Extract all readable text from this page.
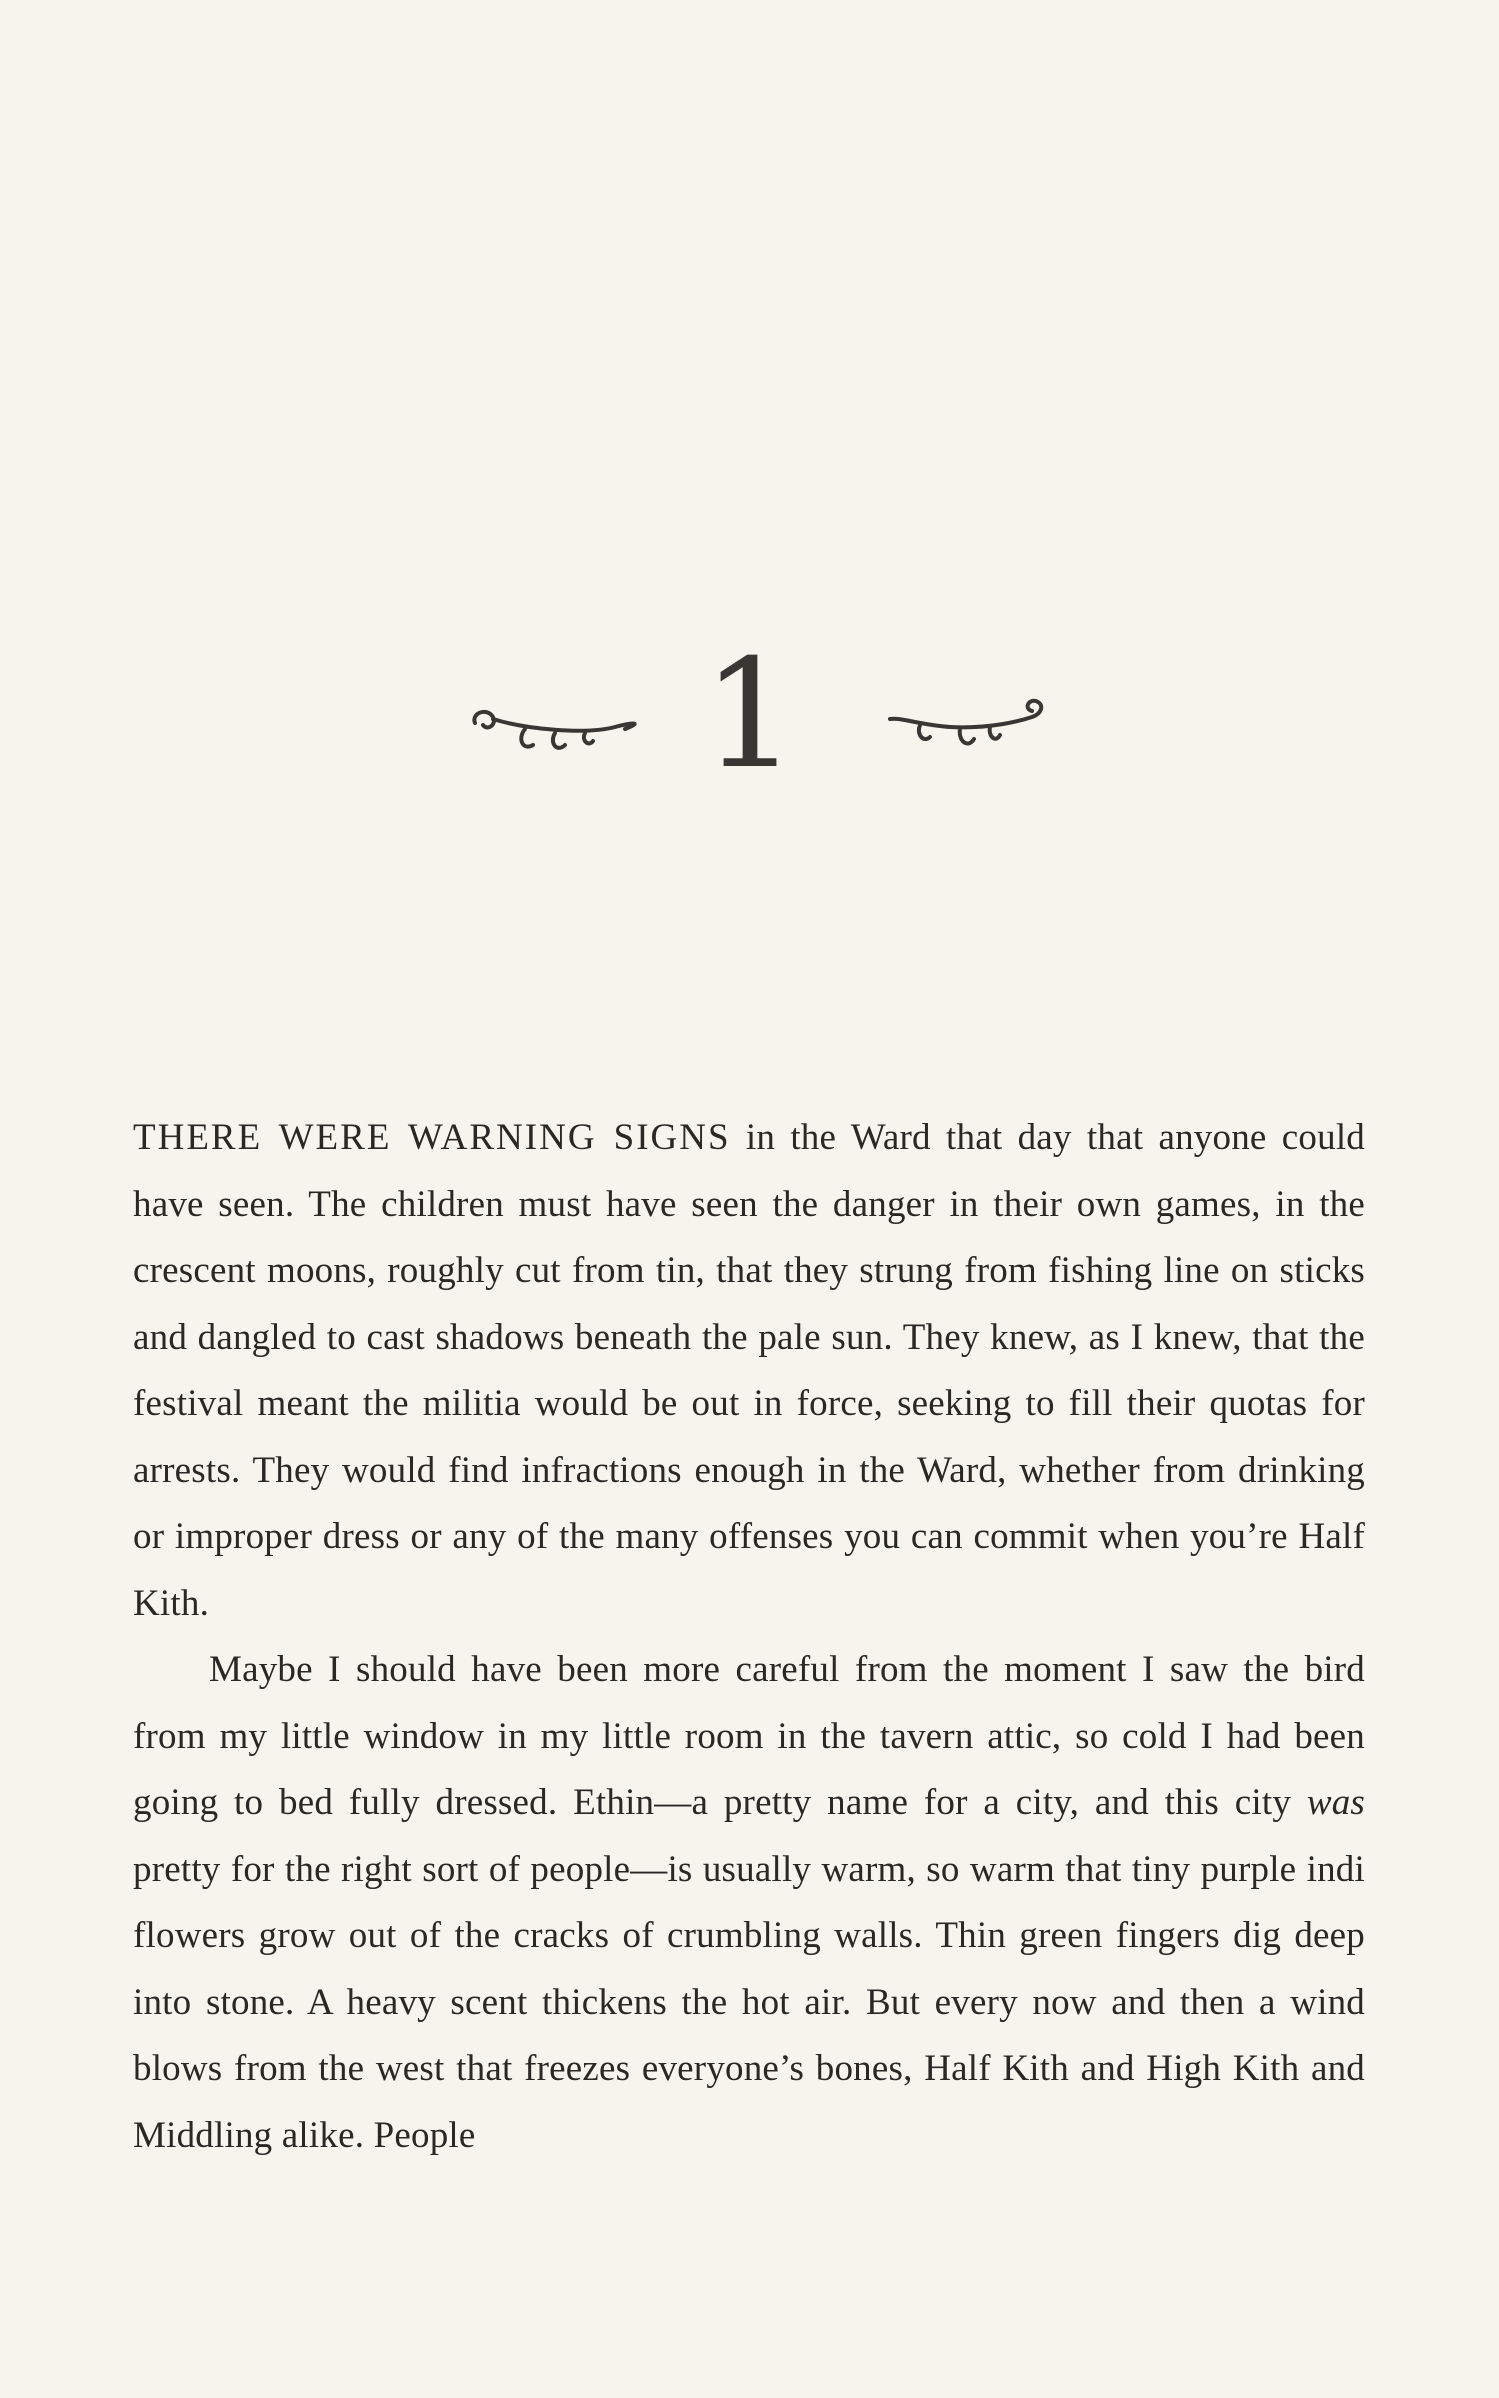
1

THERE WERE WARNING SIGNS in the Ward that day that anyone could have seen. The children must have seen the danger in their own games, in the crescent moons, roughly cut from tin, that they strung from fishing line on sticks and dangled to cast shadows beneath the pale sun. They knew, as I knew, that the festival meant the militia would be out in force, seeking to fill their quotas for arrests. They would find infractions enough in the Ward, whether from drinking or improper dress or any of the many offenses you can commit when you’re Half Kith.

Maybe I should have been more careful from the moment I saw the bird from my little window in my little room in the tavern attic, so cold I had been going to bed fully dressed. Ethin—a pretty name for a city, and this city was pretty for the right sort of people—is usually warm, so warm that tiny purple indi flowers grow out of the cracks of crumbling walls. Thin green fingers dig deep into stone. A heavy scent thickens the hot air. But every now and then a wind blows from the west that freezes everyone’s bones, Half Kith and High Kith and Middling alike. People
